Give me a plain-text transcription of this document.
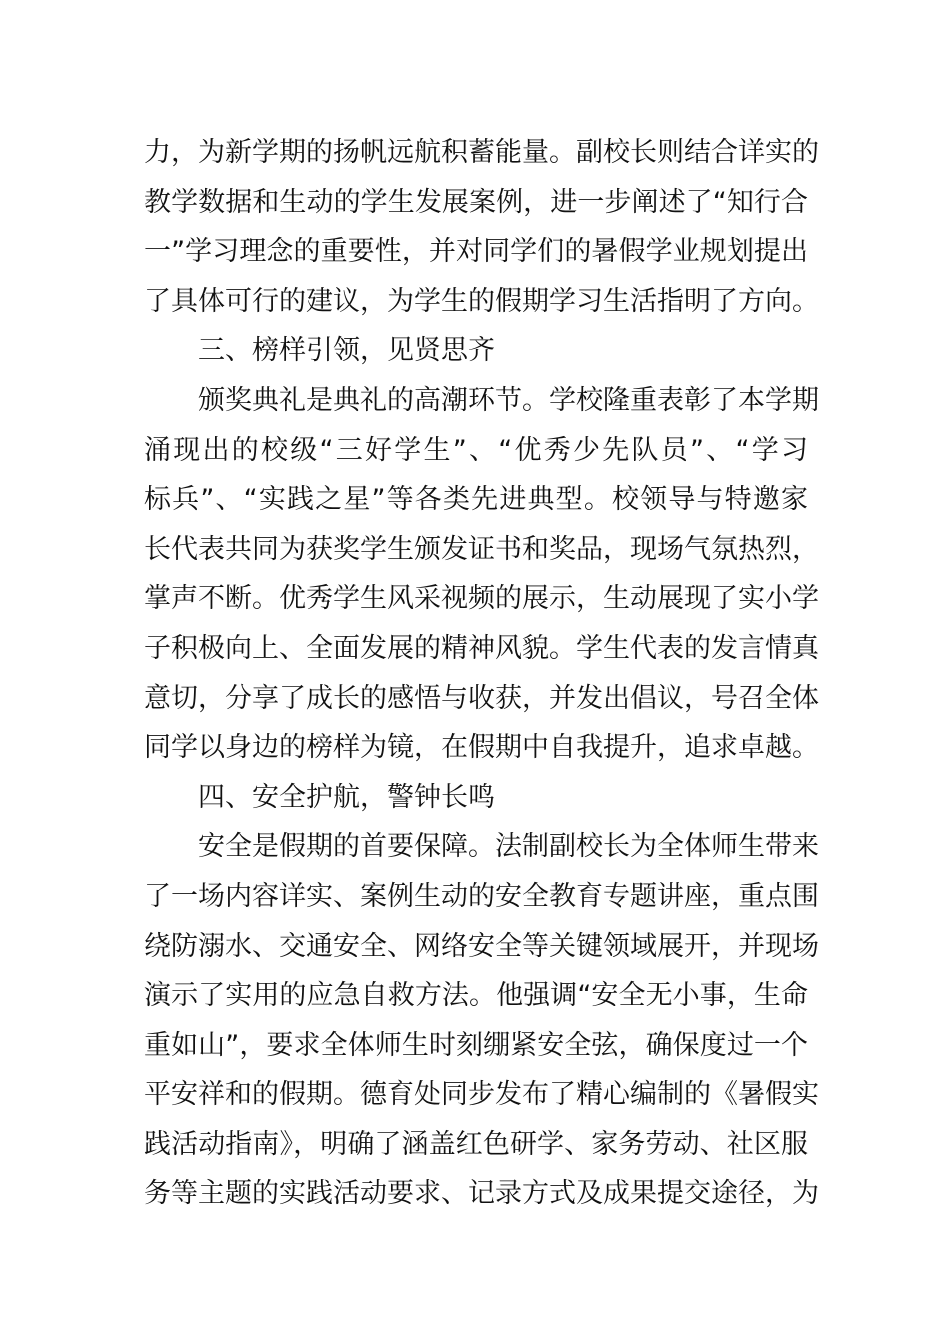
力，为新学期的扬帆远航积蓄能量。副校长则结合详实的
教学数据和生动的学生发展案例，进一步阐述了“知行合
一”学习理念的重要性，并对同学们的暑假学业规划提出
了具体可行的建议，为学生的假期学习生活指明了方向。
三、榜样引领，见贤思齐
颁奖典礼是典礼的高潮环节。学校隆重表彰了本学期
涌现出的校级“三好学生”、“优秀少先队员”、“学习
标兵”、“实践之星”等各类先进典型。校领导与特邀家
长代表共同为获奖学生颁发证书和奖品，现场气氛热烈，
掌声不断。优秀学生风采视频的展示，生动展现了实小学
子积极向上、全面发展的精神风貌。学生代表的发言情真
意切，分享了成长的感悟与收获，并发出倡议，号召全体
同学以身边的榜样为镜，在假期中自我提升，追求卓越。
四、安全护航，警钟长鸣
安全是假期的首要保障。法制副校长为全体师生带来
了一场内容详实、案例生动的安全教育专题讲座，重点围
绕防溺水、交通安全、网络安全等关键领域展开，并现场
演示了实用的应急自救方法。他强调“安全无小事，生命
重如山”，要求全体师生时刻绷紧安全弦，确保度过一个
平安祥和的假期。德育处同步发布了精心编制的《暑假实
践活动指南》，明确了涵盖红色研学、家务劳动、社区服
务等主题的实践活动要求、记录方式及成果提交途径，为
